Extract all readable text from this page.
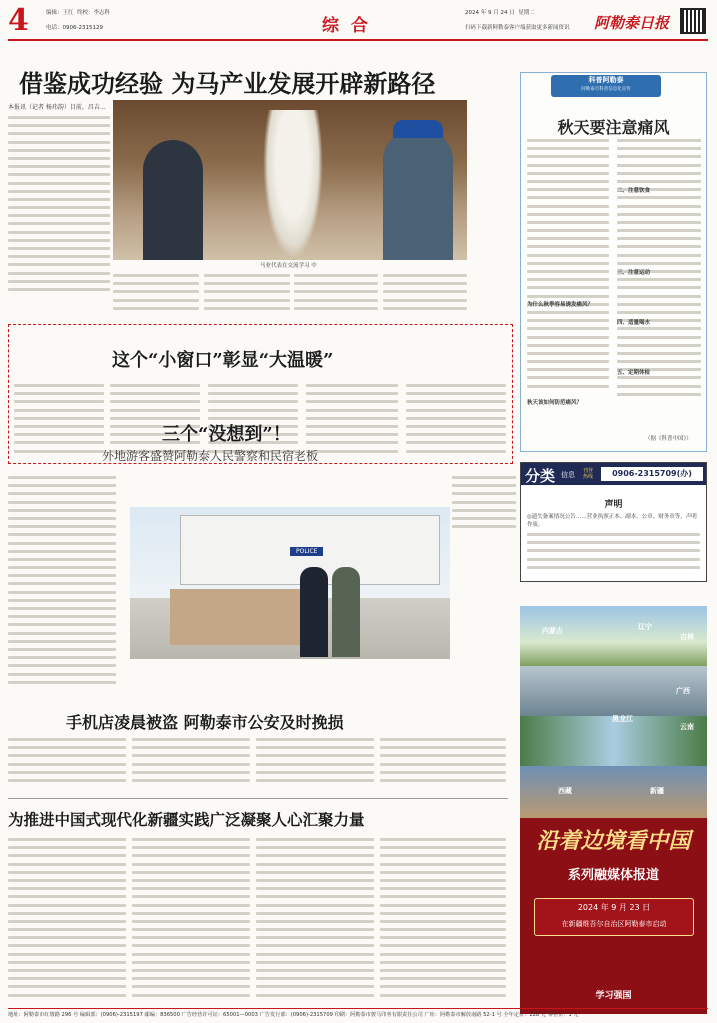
4	编辑：王红 终校：李志科
电话：0906-2315129	综 合
2024 年 9 月 24 日 星期二
扫码下载新阿勒泰客户端获取更多新闻资讯 阿勒泰日报
借鉴成功经验 为马产业发展开辟新路径
本报讯（记者 杨玮韵）目前，昌吉…
马业代表在交流学习 中
科普阿勒泰
阿勒泰市科普信息化宣传
秋天要注意痛风
为什么秋季容易诱发痛风？
秋天该如何防范痛风？
二、注意饮食
三、注意运动
四、适量喝水
五、定期体检
（据《科普中国》）
这个“小窗口”彰显“大温暖”
三个“没想到”！
外地游客盛赞阿勒泰人民警察和民宿老板
POLICE
手机店凌晨被盗 阿勒泰市公安及时挽损
为推进中国式现代化新疆实践广泛凝聚人心汇聚力量
分类 信息 刊登热线	0906-2315709(办)
声明
◎遗失备案情况公告……营业执照正本、副本、公章、财务章等，声明作废。
内蒙古	辽宁
吉林
黑龙江
广西
云南
西藏	新疆
沿着边境看中国
系列融媒体报道
2024 年 9 月 23 日
在新疆维吾尔自治区阿勒泰市启动
学习强国
地址：阿勒泰市红墩路 296 号 编辑部：(0906)-2315197 邮编：836500 广告经营许可证：65001—0003 广告发行部：(0906)-2315709 印刷：阿勒泰市骏马印务有限责任公司 广址：阿勒泰市解放南路 52-1 号 全年定价：228 元 零售价：1 元
